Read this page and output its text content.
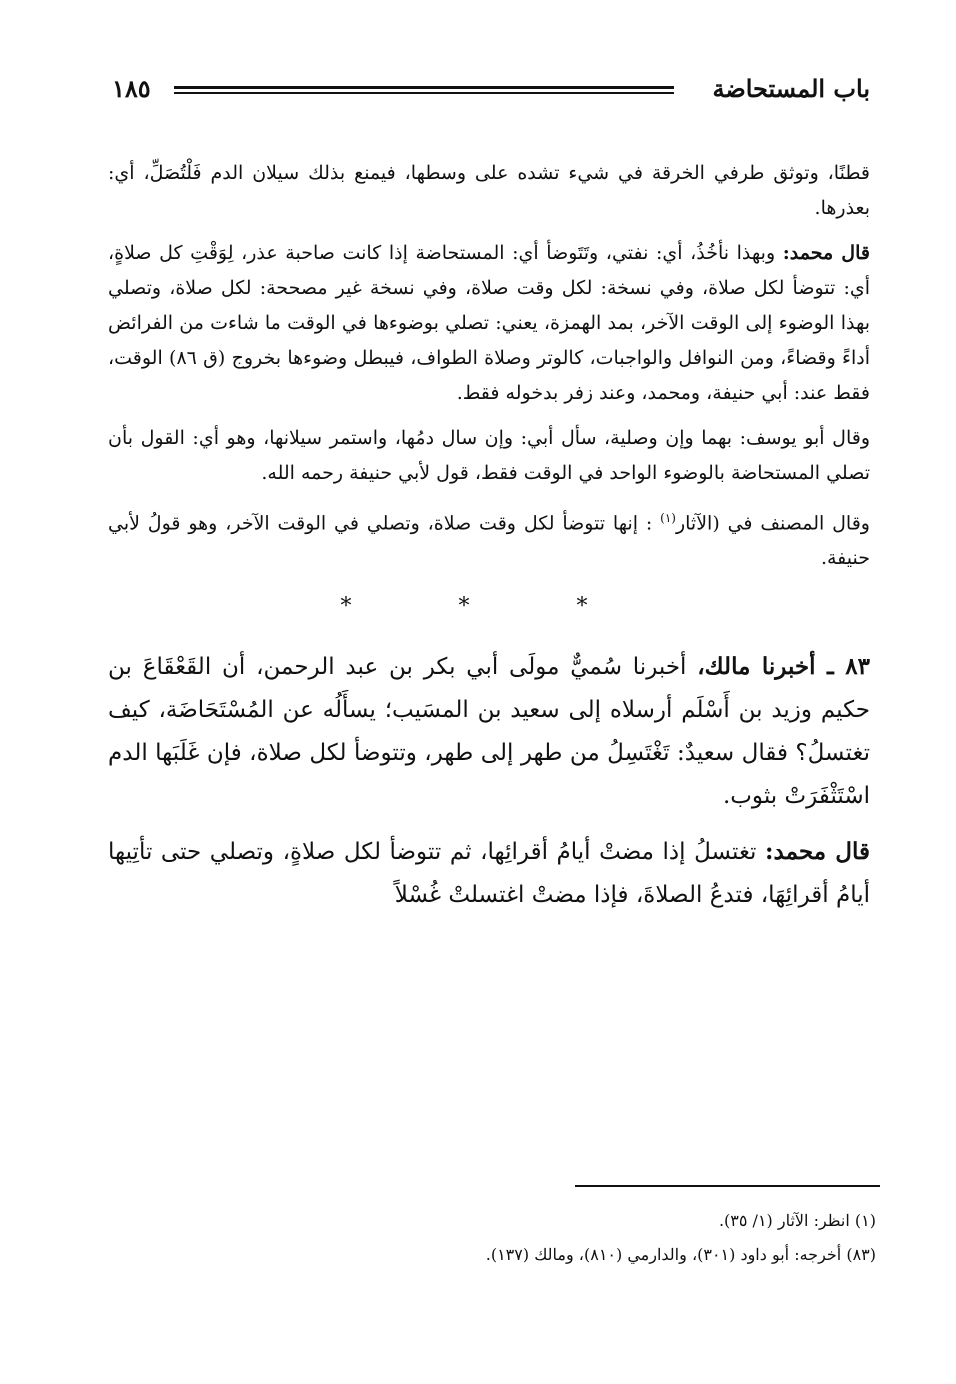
باب المستحاضة
١٨٥

قطنًا، وتوثق طرفي الخرقة في شيء تشده على وسطها، فيمنع بذلك سيلان الدم فَلْتُصَلِّ، أي: بعذرها.

قال محمد: وبهذا نأخُذُ، أي: نفتي، وتَتَوضأ أي: المستحاضة إذا كانت صاحبة عذر، لِوَقْتِ كل صلاةٍ، أي: تتوضأ لكل صلاة، وفي نسخة: لكل وقت صلاة، وفي نسخة غير مصححة: لكل صلاة، وتصلي بهذا الوضوء إلى الوقت الآخر، بمد الهمزة، يعني: تصلي بوضوءها في الوقت ما شاءت من الفرائض أداءً وقضاءً، ومن النوافل والواجبات، كالوتر وصلاة الطواف، فيبطل وضوءها بخروج (ق ٨٦) الوقت، فقط عند: أبي حنيفة، ومحمد، وعند زفر بدخوله فقط.

وقال أبو يوسف: بهما وإن وصلية، سأل أبي: وإن سال دمُها، واستمر سيلانها، وهو أي: القول بأن تصلي المستحاضة بالوضوء الواحد في الوقت فقط، قول لأبي حنيفة رحمه الله.

وقال المصنف في (الآثار$^{(١)}$ : إنها تتوضأ لكل وقت صلاة، وتصلي في الوقت الآخر، وهو قولُ لأبي حنيفة.

* * *

٨٣ ـ أخبرنا مالك، أخبرنا سُميٌّ مولَى أبي بكر بن عبد الرحمن، أن القَعْقَاعَ بن حكيم وزيد بن أَسْلَم أرسلاه إلى سعيد بن المسَيب؛ يسأَلُه عن المُسْتَحَاضَة، كيف تغتسلُ؟ فقال سعيدٌ: تَغْتَسِلُ من طهر إلى طهر، وتتوضأ لكل صلاة، فإن غَلَبَها الدم اسْتَثْفَرَتْ بثوب.

قال محمد: تغتسلُ إذا مضتْ أيامُ أقرائِها، ثم تتوضأ لكل صلاةٍ، وتصلي حتى تأتِيها أيامُ أقرائِهَا، فتدعُ الصلاةَ، فإذا مضتْ اغتسلتْ غُسْلاً

(١) انظر: الآثار (١/ ٣٥).

(٨٣) أخرجه: أبو داود (٣٠١)، والدارمي (٨١٠)، ومالك (١٣٧).
